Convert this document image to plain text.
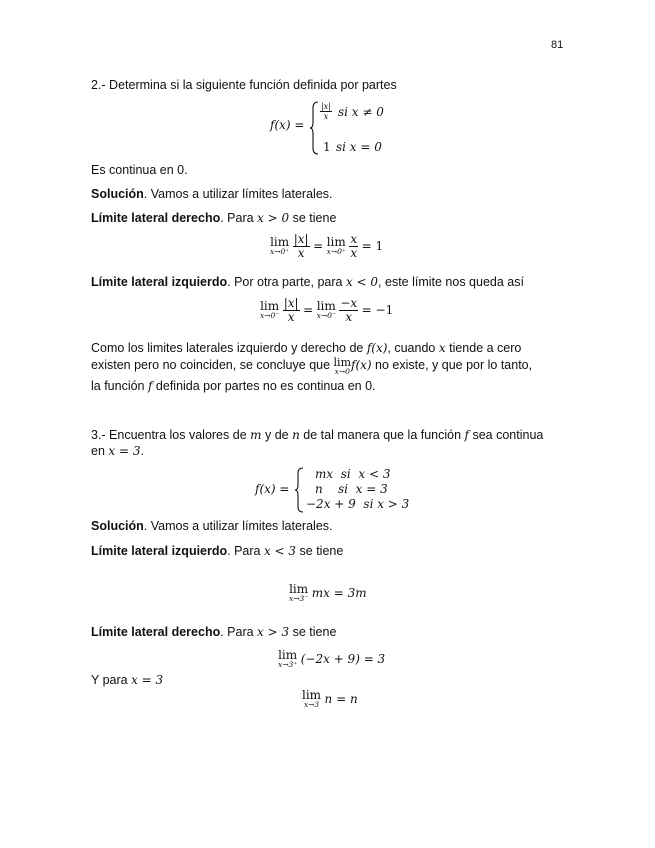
81
2.- Determina si la siguiente función definida por partes
f(x) =
$\frac{|x|}{x}$ si x ≠ 0
1 si x = 0
Es continua en 0.
Solución. Vamos a utilizar límites laterales.
Límite lateral derecho. Para x > 0 se tiene
lim
x→0⁺
$\frac{|x|}{x} = \lim$
x→0⁺
$\frac{x}{x} = 1$
Límite lateral izquierdo. Por otra parte, para x < 0, este límite nos queda así
lim
x→0⁻
$\frac{|x|}{x} = \lim$
x→0⁻
$\frac{-x}{x} = -1$
Como los limites laterales izquierdo y derecho de f(x), cuando x tiende a cero
existen pero no coinciden, se concluye que lim
x→0 f(x) no existe, y que por lo tanto,
la función f definida por partes no es continua en 0.
3.- Encuentra los valores de m y de n de tal manera que la función f sea continua
en x = 3.
f(x) =
mx  si  x < 3
n    si  x = 3
−2x + 9  si x > 3
Solución. Vamos a utilizar límites laterales.
Límite lateral izquierdo. Para x < 3 se tiene
lim
x→3⁻ mx = 3m
Límite lateral derecho. Para x > 3 se tiene
lim
x→3⁺ (−2x + 9) = 3
Y para x = 3
lim
x→3 n = n
